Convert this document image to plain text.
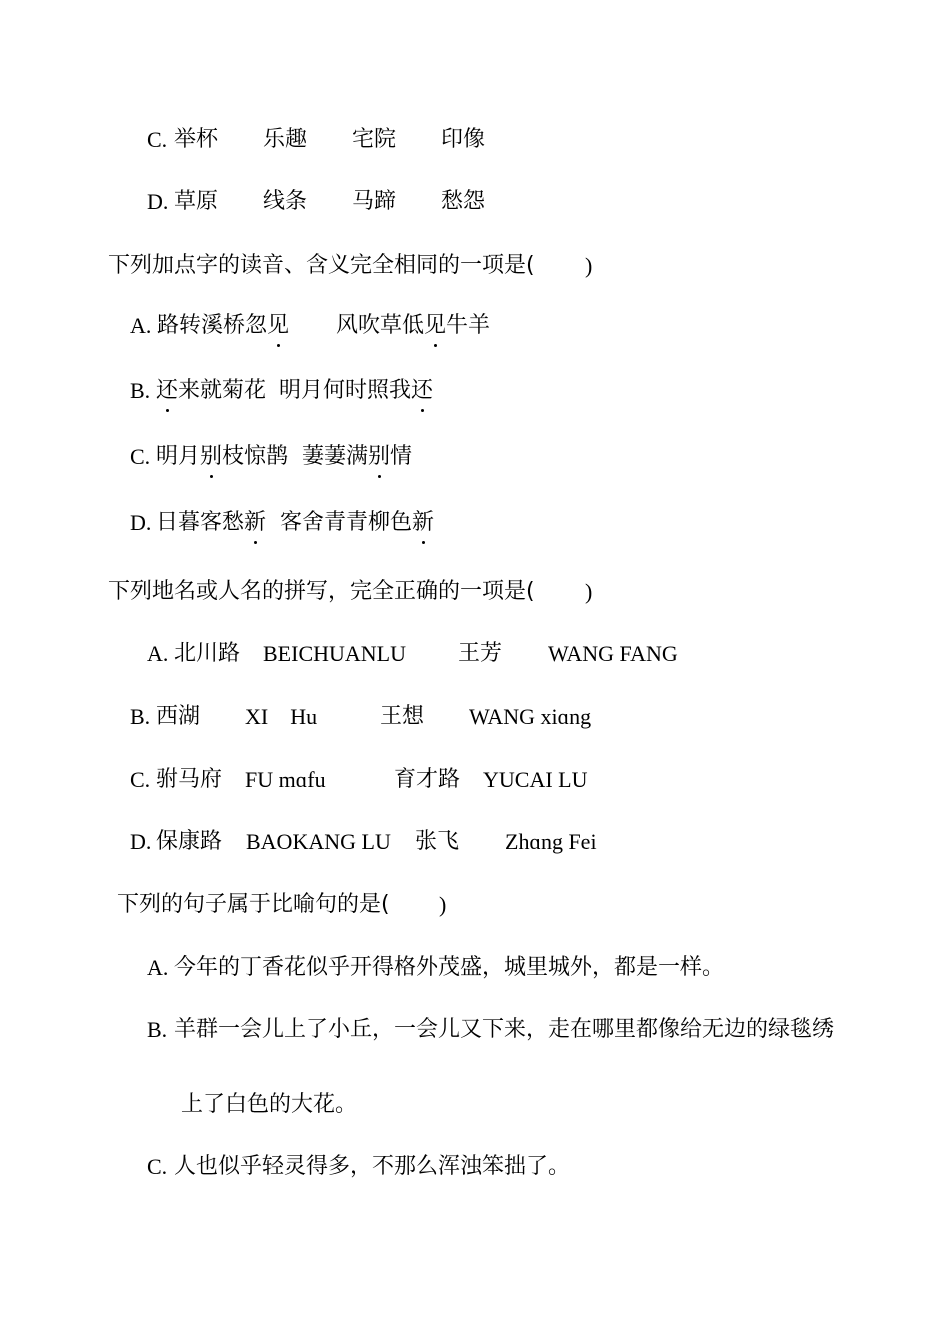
C. 举杯 乐趣 宅院 印像
D. 草原 线条 马蹄 愁怨
下列加点字的读音、含义完全相同的一项是( )
A. 路转溪桥忽见 风吹草低见牛羊
B. 还来就菊花 明月何时照我还
C. 明月别枝惊鹊 萋萋满别情
D. 日暮客愁新 客舍青青柳色新
下列地名或人名的拼写，完全正确的一项是( )
A. 北川路 BEICHUANLU 王芳 WANG FANG
B. 西湖 XI　Hu	王想 WANG xiɑng
C. 驸马府 FU mɑfu	育才路 YUCAI LU
D. 保康路 BAOKANG LU 张飞 Zhɑng Fei
下列的句子属于比喻句的是( )
A. 今年的丁香花似乎开得格外茂盛，城里城外，都是一样。
B. 羊群一会儿上了小丘，一会儿又下来，走在哪里都像给无边的绿毯绣
上了白色的大花。
C. 人也似乎轻灵得多，不那么浑浊笨拙了。
